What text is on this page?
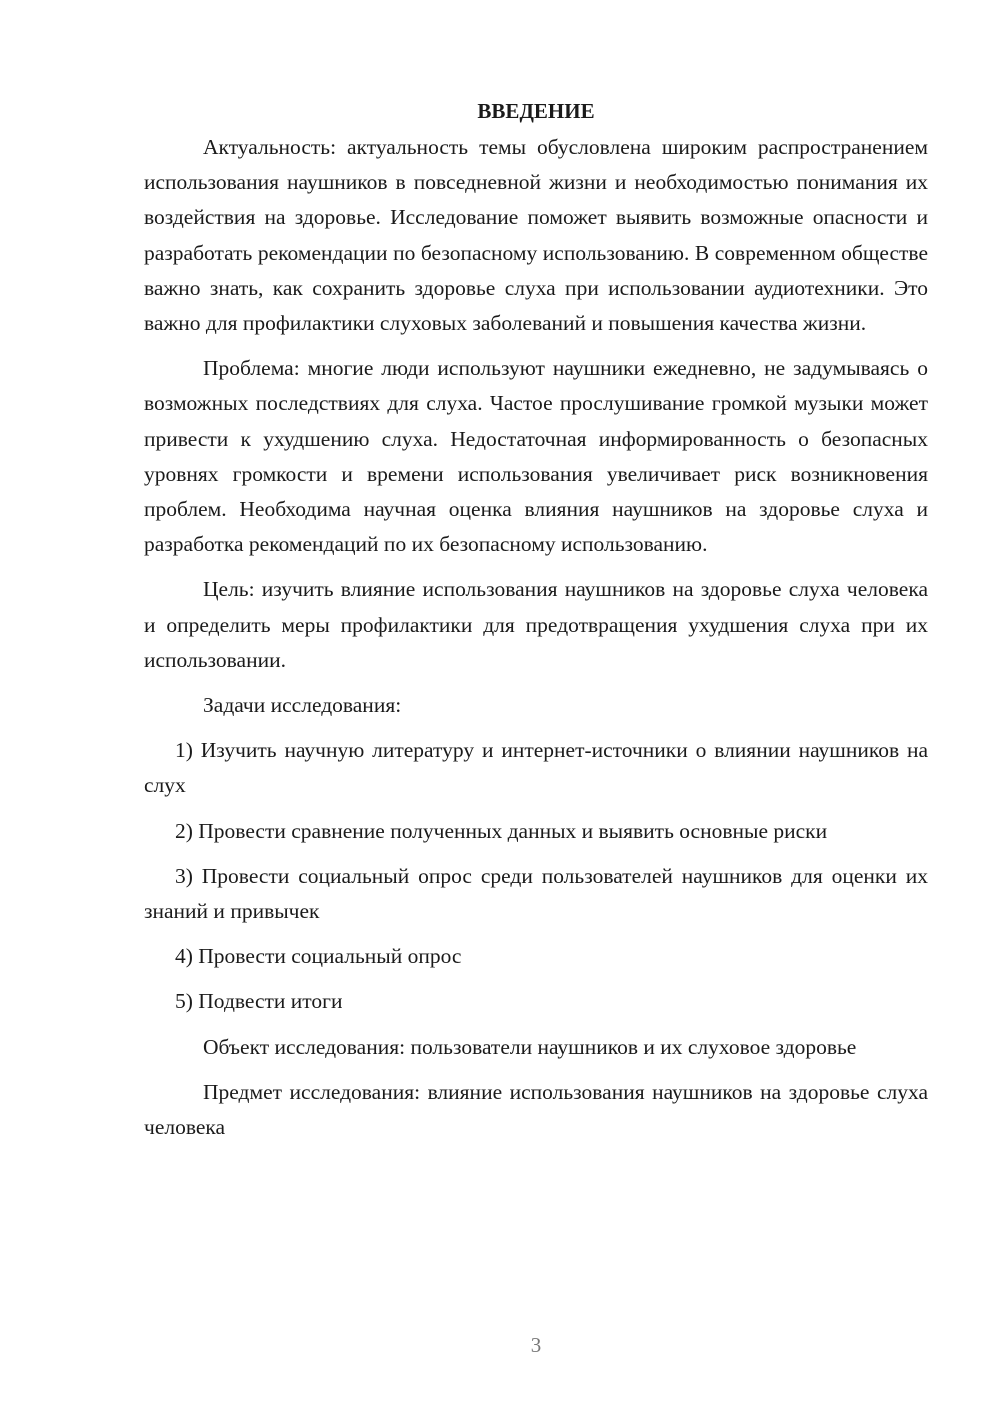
ВВЕДЕНИЕ

Актуальность: актуальность темы обусловлена широким распространением использования наушников в повседневной жизни и необходимостью понимания их воздействия на здоровье. Исследование поможет выявить возможные опасности и разработать рекомендации по безопасному использованию. В современном обществе важно знать, как сохранить здоровье слуха при использовании аудиотехники. Это важно для профилактики слуховых заболеваний и повышения качества жизни.

Проблема: многие люди используют наушники ежедневно, не задумываясь о возможных последствиях для слуха. Частое прослушивание громкой музыки может привести к ухудшению слуха. Недостаточная информированность о безопасных уровнях громкости и времени использования увеличивает риск возникновения проблем. Необходима научная оценка влияния наушников на здоровье слуха и разработка рекомендаций по их безопасному использованию.

Цель: изучить влияние использования наушников на здоровье слуха человека и определить меры профилактики для предотвращения ухудшения слуха при их использовании.

Задачи исследования:

1) Изучить научную литературу и интернет-источники о влиянии наушников на слух

2) Провести сравнение полученных данных и выявить основные риски

3) Провести социальный опрос среди пользователей наушников для оценки их знаний и привычек

4) Провести социальный опрос

5) Подвести итоги

Объект исследования: пользователи наушников и их слуховое здоровье

Предмет исследования: влияние использования наушников на здоровье слуха человека

3
